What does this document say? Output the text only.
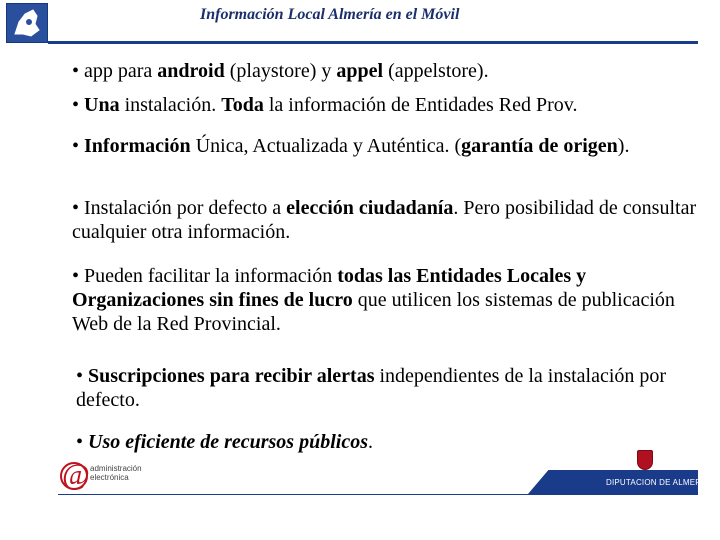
Información Local Almería en el Móvil
• app para android (playstore) y appel (appelstore).
• Una instalación. Toda la información de Entidades Red Prov.
• Información Única, Actualizada y Auténtica. (garantía de origen).
• Instalación por defecto a elección ciudadanía. Pero posibilidad de consultar cualquier otra información.
• Pueden facilitar la información todas las Entidades Locales y Organizaciones sin fines de lucro que utilicen los sistemas de publicación Web de la Red Provincial.
• Suscripciones para recibir alertas independientes de la instalación por defecto.
• Uso eficiente de recursos públicos.
@ administración
electrónica
DIPUTACION DE ALMERIA
